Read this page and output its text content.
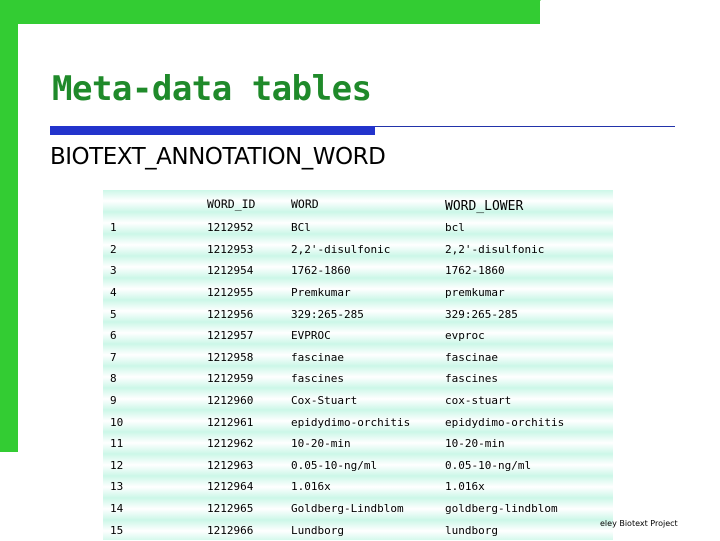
Meta-data tables
BIOTEXT_ANNOTATION_WORD
	WORD_ID	WORD	WORD_LOWER
1	1212952	BCl	bcl
2	1212953	2,2'-disulfonic	2,2'-disulfonic
3	1212954	1762-1860	1762-1860
4	1212955	Premkumar	premkumar
5	1212956	329:265-285	329:265-285
6	1212957	EVPROC	evproc
7	1212958	fascinae	fascinae
8	1212959	fascines	fascines
9	1212960	Cox-Stuart	cox-stuart
10	1212961	epidydimo-orchitis	epidydimo-orchitis
11	1212962	10-20-min	10-20-min
12	1212963	0.05-10-ng/ml	0.05-10-ng/ml
13	1212964	1.016x	1.016x
14	1212965	Goldberg-Lindblom	goldberg-lindblom
15	1212966	Lundborg	lundborg
eley Biotext Project
